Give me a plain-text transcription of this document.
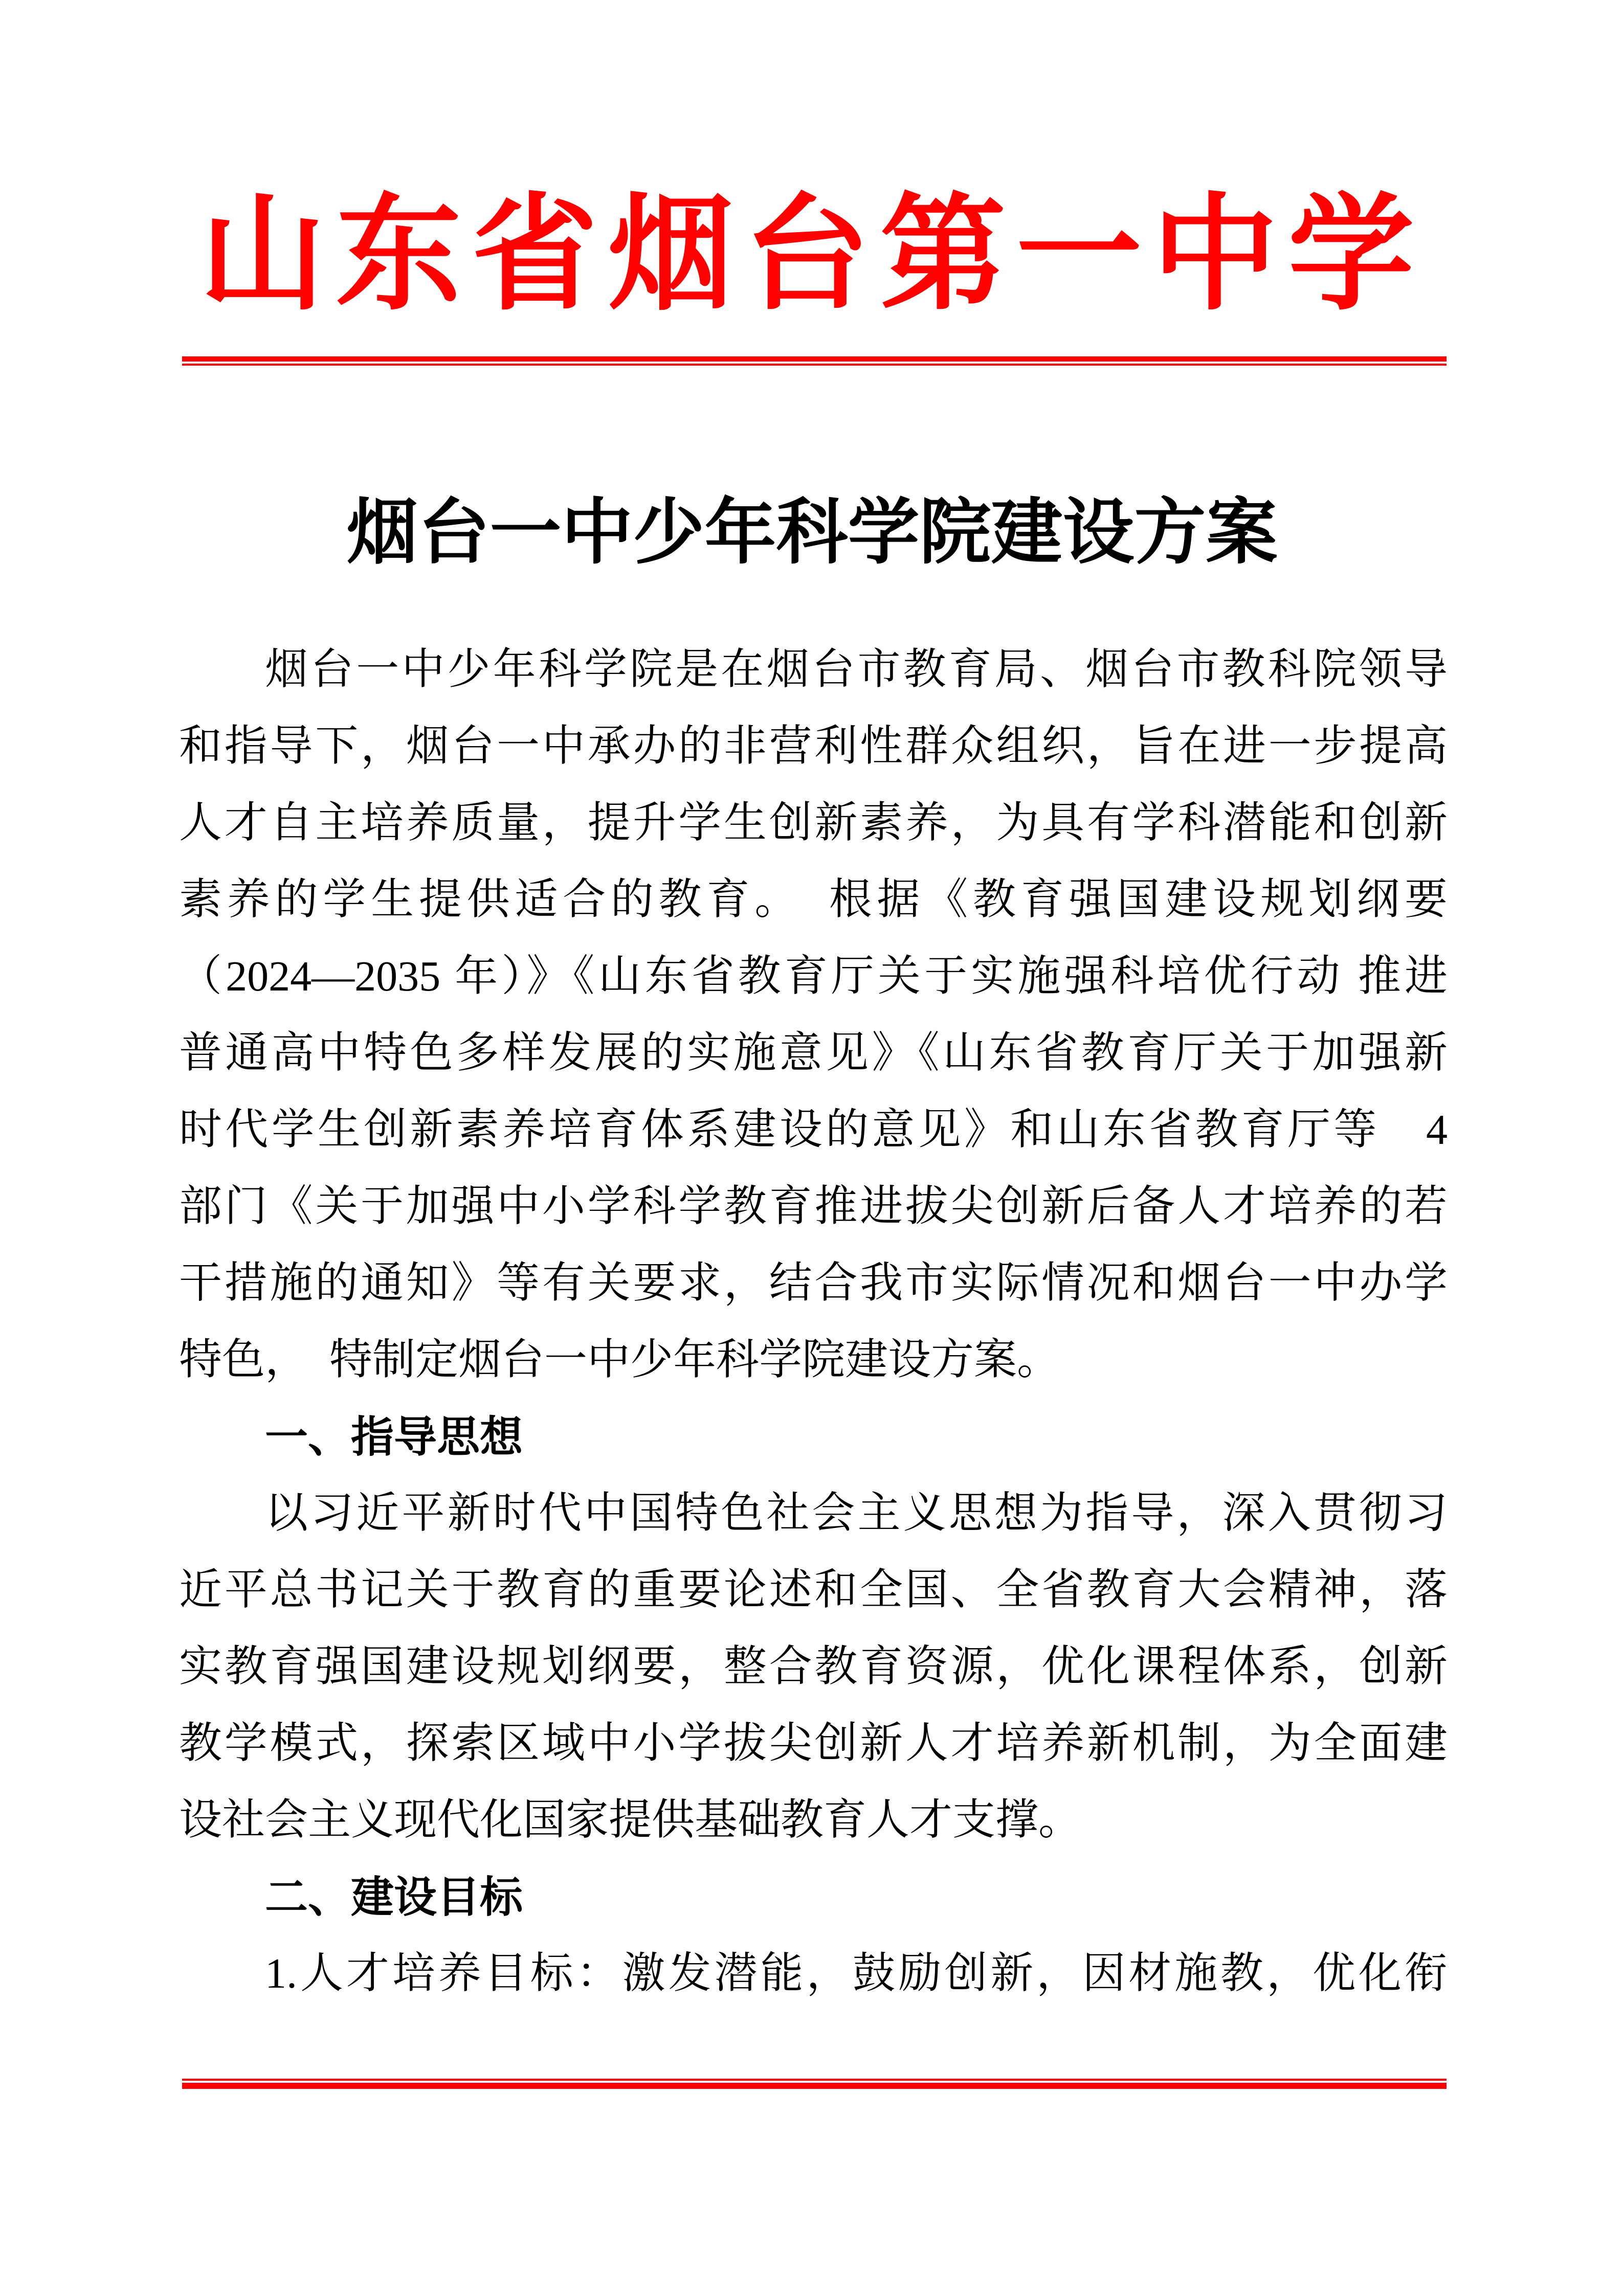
山东省烟台第一中学
烟台一中少年科学院建设方案
烟台一中少年科学院是在烟台市教育局、烟台市教科院领导
和指导下，烟台一中承办的非营利性群众组织，旨在进一步提高
人才自主培养质量，提升学生创新素养，为具有学科潜能和创新
素养的学生提供适合的教育。　根据《教育强国建设规划纲要
（2024—2035 年）》《山东省教育厅关于实施强科培优行动 推进
普通高中特色多样发展的实施意见》《山东省教育厅关于加强新
时代学生创新素养培育体系建设的意见》和山东省教育厅等　4
部门《关于加强中小学科学教育推进拔尖创新后备人才培养的若
干措施的通知》等有关要求，结合我市实际情况和烟台一中办学
特色，　特制定烟台一中少年科学院建设方案。
一、指导思想
以习近平新时代中国特色社会主义思想为指导，深入贯彻习
近平总书记关于教育的重要论述和全国、全省教育大会精神，落
实教育强国建设规划纲要，整合教育资源，优化课程体系，创新
教学模式，探索区域中小学拔尖创新人才培养新机制，为全面建
设社会主义现代化国家提供基础教育人才支撑。
二、建设目标
1.人才培养目标：激发潜能，鼓励创新，因材施教，优化衔
